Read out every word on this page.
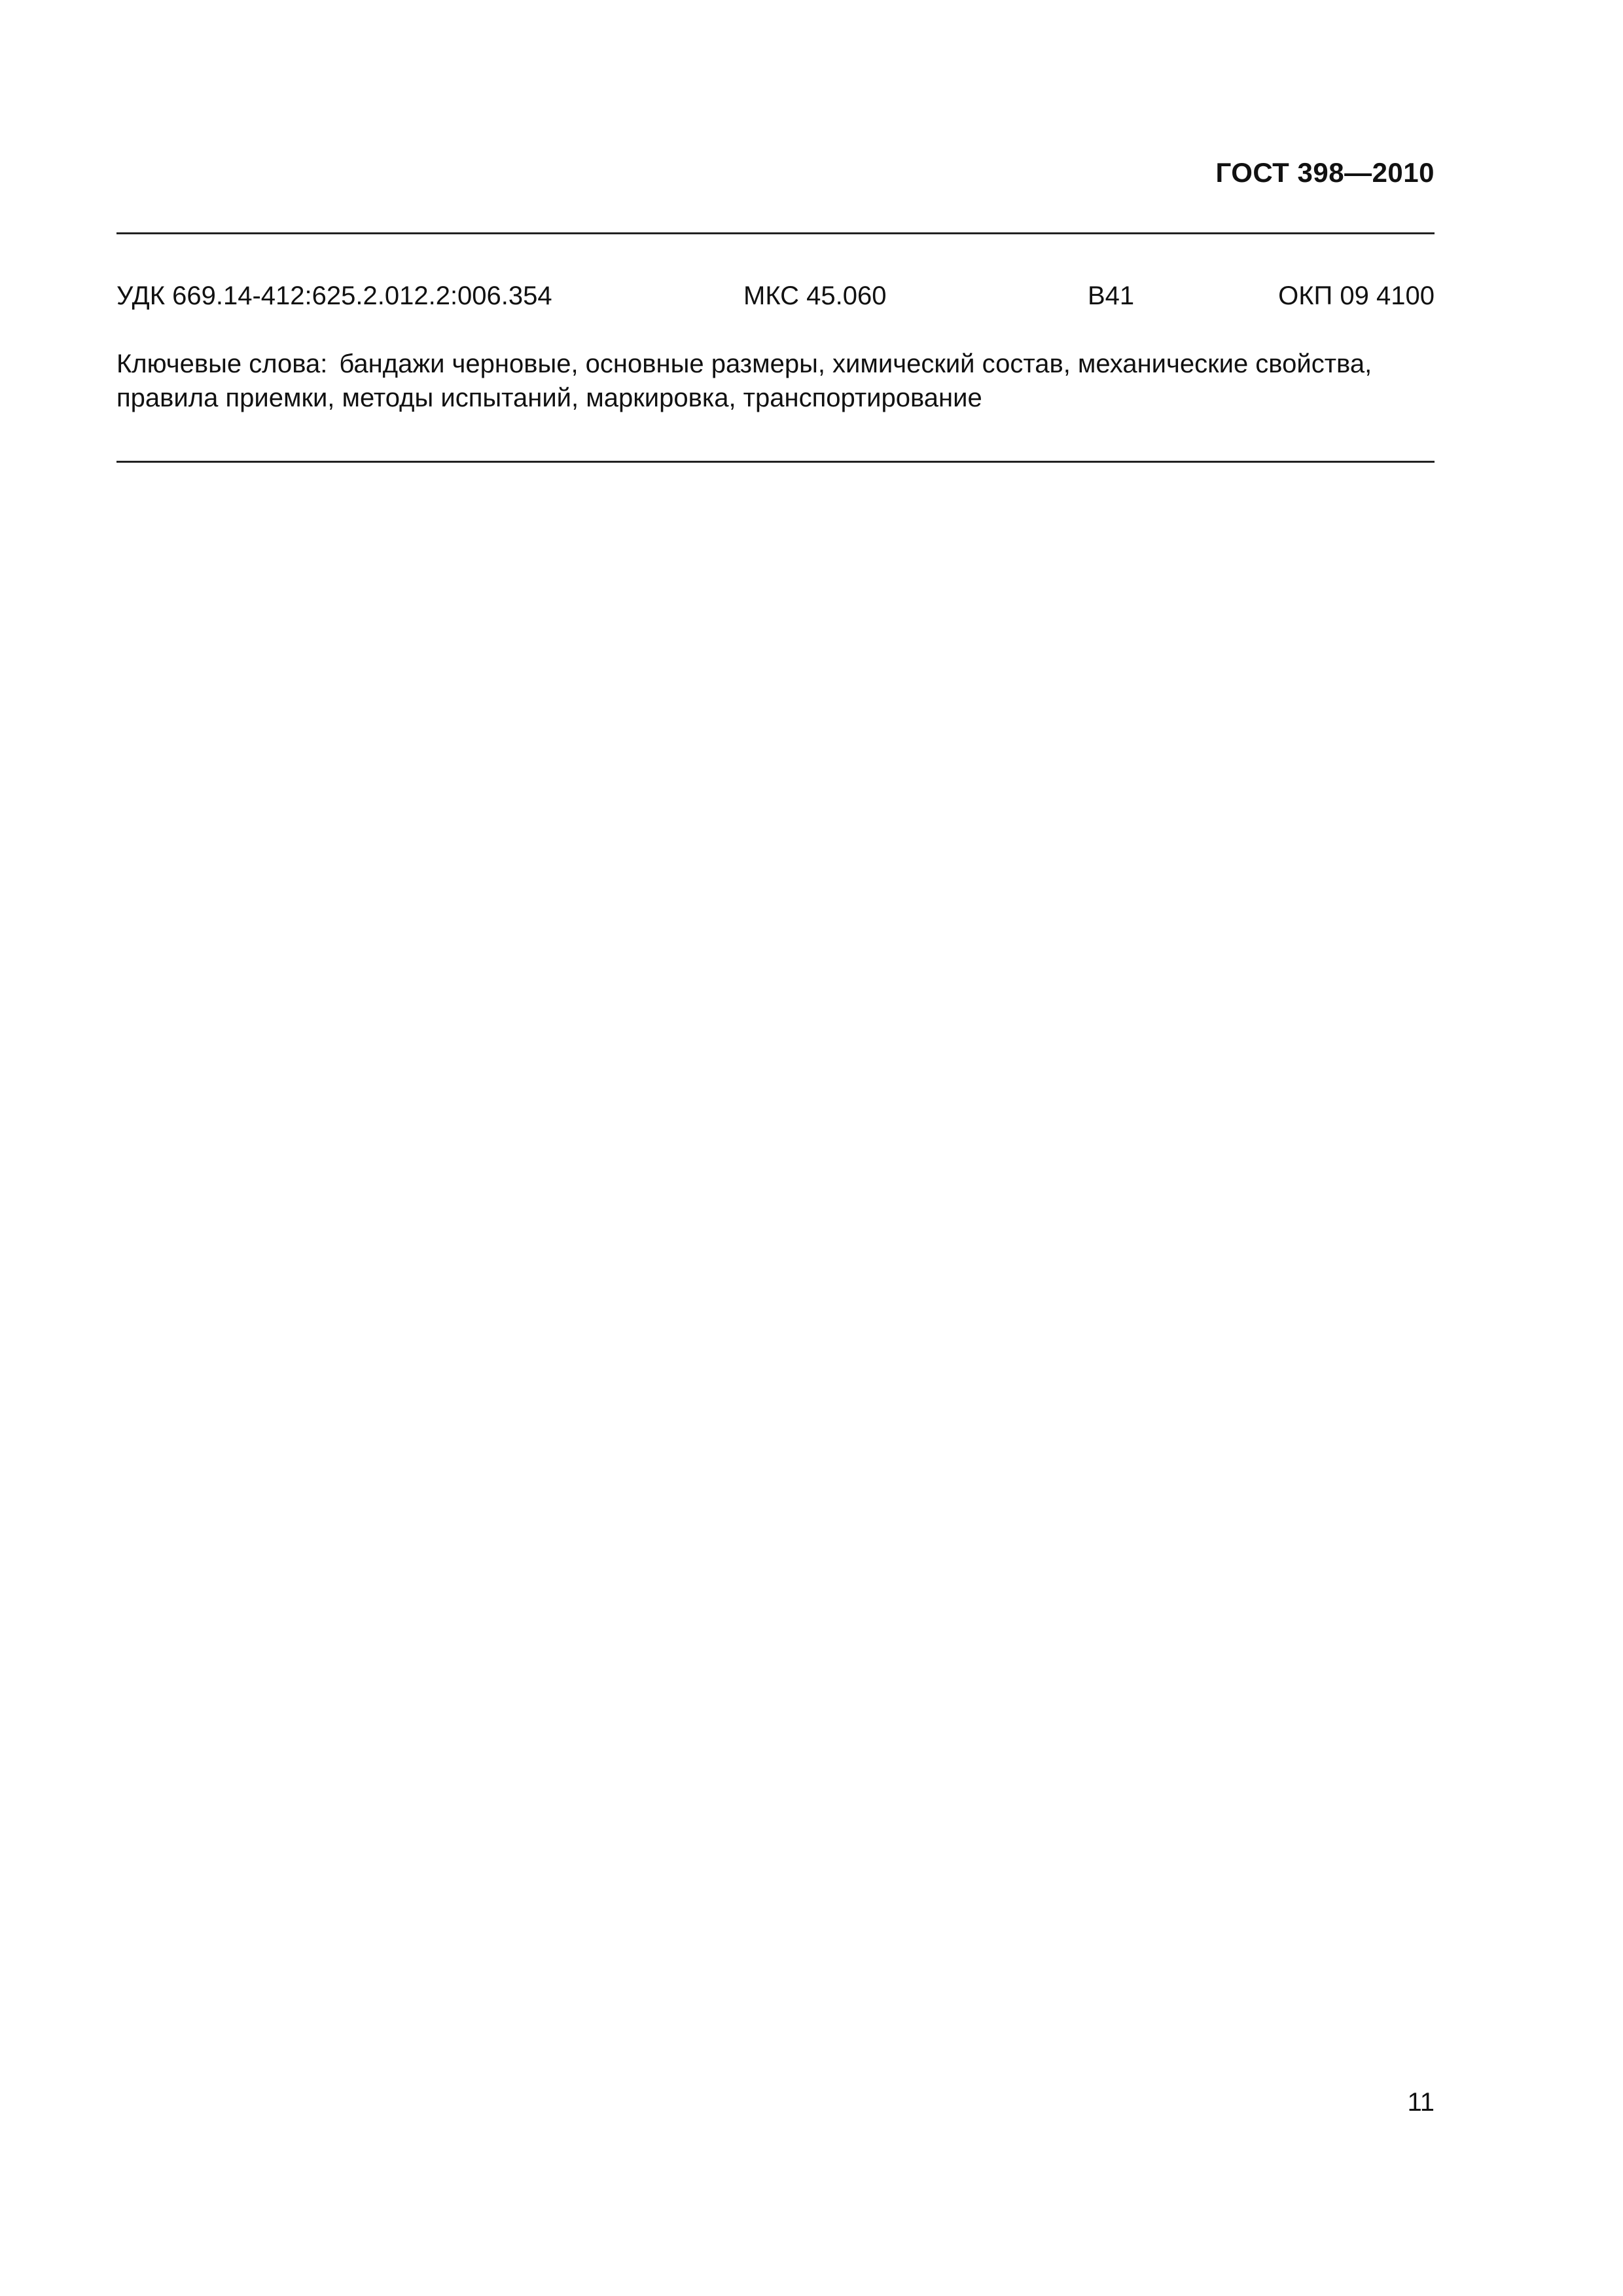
ГОСТ 398—2010
УДК 669.14-412:625.2.012.2:006.354	МКС 45.060	В41	ОКП 09 4100
Ключевые слова: бандажи черновые, основные размеры, химический состав, механические свойства,
правила приемки, методы испытаний, маркировка, транспортирование
11
